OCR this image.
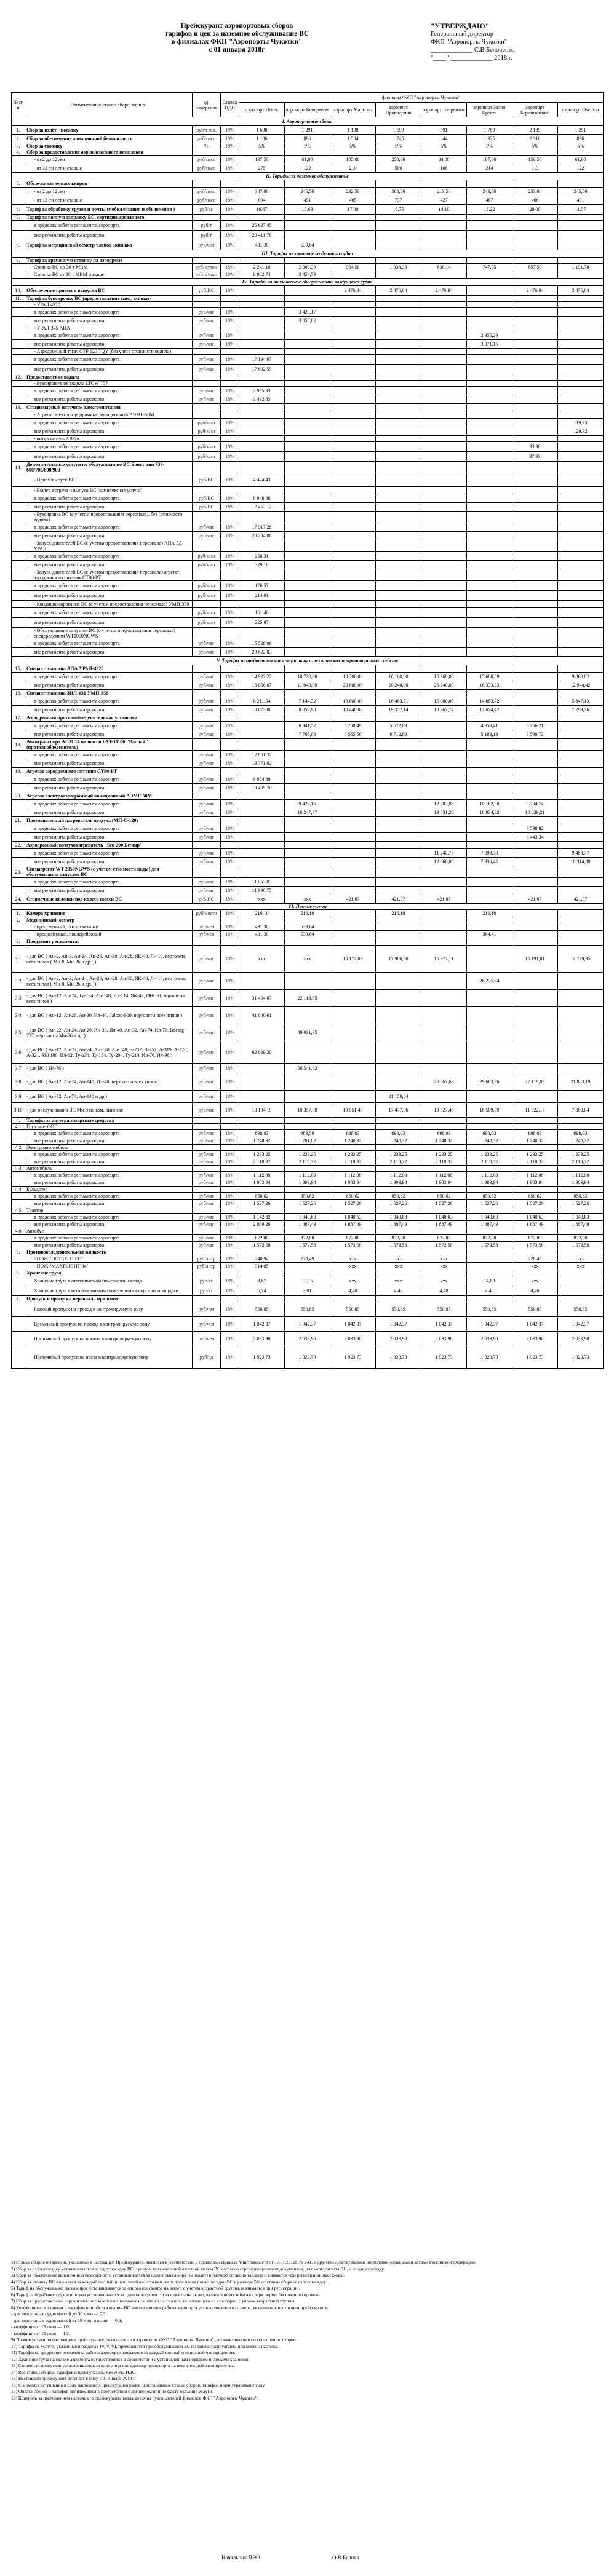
Прейскурант аэропортовых сборов
тарифов и цен за наземное обслуживание ВС
в филиалах ФКП "Аэропорты Чукотки"
с 01 января 2018г
"УТВЕРЖДАЮ"
Генеральный директор
ФКП "Аэропорты Чукотки"
_____________ С.В.Белоченко
"____" _____________ 2018 г.
№ п/п	Наименование ставки сбора, тарифа	ед. измерения	Ставка НДС	филиалы ФКП "Аэропорты Чукотки"							
				аэропорт Певек	аэропорт Кепервеем	аэропорт Марково	аэропорт Провидения	аэропорт Лаврентия	аэропорт Залив Креста	аэропорт Беринговский	аэропорт Омолон
I. Аэропортовые сборы											
1.	Сбор за взлёт - посадку	руб/т м.в.	18%	1 698	1 291	1 198	1 699	991	1 789	2 189	1 291
2.	Сбор за обеспечение авиационной безопасности	руб/пасс	18%	1 186	896	1 584	1 745	844	1 325	2 318	896
3.	Сбор за стоянку	%	18%	5%	5%	5%	5%	5%	5%	5%	5%
4.	Сбор за предоставление аэровокзального комплекса										
	- от 2 до 12 лет	руб/пасс	18%	137,50	61,00	105,00	250,00	84,00	107,00	156,50	61,00
	- от 12-ти лет и старше	руб/пасс	18%	275	122	210	500	168	214	313	122
II. Тарифы за наземное обслуживание											
5.	Обслуживание пассажиров										
	- от 2 до 12 лет	руб/пасс	18%	347,00	245,50	232,50	368,50	213,50	243,50	233,00	245,50
	- от 12-ти лет и старше	руб/пасс	18%	694	491	465	737	427	487	466	491
6.	Тариф за обработку грузов и почты (мобиллизация и обьявления )	руб/кг	18%	16,67	15,63	17,00	15,75	14,10	18,22	29,00	11,57
7.	Тариф за полную заправку ВС, сертифицированного										
	в пределах работы регламента аэропорта	руб/т	18%	25 627,45							
	вне регламента работы аэропорта	руб/т	18%	29 411,76							
8.	Тариф за медицинский осмотр членов экипажа	руб/чел	18%	431,30	539,64						
III. Тарифы за хранение воздушного судна											
9.	Тариф за временную стоянку на аэродроме										
	Стоянка ВС до 30 т МВМ	руб/ сутки	18%	2 241,10	2 309,39	964,58	1 038,36	830,14	747,95	857,53	1 191,78
	Стоянка ВС от 30 т МВМ и выше	руб/ сутки	18%	6 902,74	3 454,79						
IV. Тарифы за техническое обслуживание воздушного судна											
10.	Обеспечение приема и выпуска ВС	руб/ВС	18%			2 476,84	2 476,84	2 476,84		2 476,84	2 476,84
11.	Тариф за буксировку ВС (предоставление спецтехники)										
	- УРАЛ 4320										
	в пределах работы регламента аэропорта	руб/час	18%		3 423,17						
	вне регламента работы аэропорта	руб/час	18%		3 855,82						
	- УРАЛ-375 АПА										
	в пределах работы регламента аэропорта	руб/час	18%						2 955,29		
	вне регламента работы аэропорта	руб/час	18%						3 371,15		
	- Аэродромный тягач СТР 120 TQY (без учета стоимости водила)										
	в пределах работы регламента аэропорта	руб/час	18%	17 194,67							
	вне регламента работы аэропорта	руб/час	18%	17 692,59							
12.	Предоставление водила										
	- Буксировочное водило LTOW 757										
	в пределах работы регламента аэропорта	руб/час	18%	2 995,33							
	вне регламента работы аэропорта	руб/час	18%	3 492,85							
13.	Стационарный источник электропитания										
	- Агрегат электроаэродромный авиационный АЭМГ-50М										
	в пределах работы регламента аэропорта	руб/мин	18%								119,25
	вне регламента работы аэропорта	руб/мин	18%								129,32
	- выпрямитель АВ-2и										
	в пределах работы регламента аэропорта	руб/мин	18%							33,98	
	вне регламента работы аэропорта	руб/мин	18%							37,93	
14.	Дополнительные услуги по обслуживанию ВС Боинг тип 737-600/700/800/900										
	- Прием\выпуск ВС	руб/ВС	18%	4 474,43							
	- Вылет, встреча и выпуск ВС (комплексная услуга)										
	в пределах работы регламента аэропорта	руб/ВС	18%	8 948,86							
	вне регламента работы аэропорта	руб/ВС	18%	17 452,12							
	- Буксировка ВС (с учетом предоставления персонала), без (стоимости водила)										
	в пределах работы регламента аэропорта	руб/час	18%	17 917,28							
	вне регламента работы аэропорта	руб/час	18%	20 284,08							
	- Запуск двигателей ВС (с учетом предоставления персонала) АПА 5Д УРАЛ										
	в пределах работы регламента аэропорта	руб/мин	18%	258,31							
	вне регламента работы аэропорта	руб/мин	18%	329,10							
	- Запуск двигателей ВС (с учетом предоставления персонала) агрегат аэродромного питания СТ90-РТ										
	в пределах работы регламента аэропорта	руб/мин	18%	176,57							
	вне регламента работы аэропорта	руб/мин	18%	214,01							
	- Кондиционирование ВС (с учетом предоставления персонала) УМП-350										
	в пределах работы регламента аэропорта	руб/мин	18%	161,46							
	вне регламента работы аэропорта	руб/мин	18%	225,87							
	- Обслуживание санузлов ВС (с учетом предоставления персонала) спецсредством WT1050NGWS										
	в пределах работы регламента аэропорта	руб/час	18%	15 528,06							
	вне регламента работы аэропорта	руб/час	18%	20 622,83							
V. Тарифы за предоставление специальных технических и транспортных средств											
15.	Спецавтомашина АПА УРАЛ-4320										
	в пределах работы регламента аэропорта	руб/час	18%	14 922,22	10 720,00	10 200,00	16 160,00	15 360,00	15 688,89		9 868,82
	вне регламента работы аэропорта	руб/час	18%	16 866,67	11 040,00	20 880,00	20 240,00	20 240,00	16 333,33		12 944,42
16.	Спецавтомашина ЗИЛ-131 УМП-350										
	в пределах работы регламента аэропорта	руб/час	18%	8 211,54	7 144,32	13 800,00	16 483,71	15 900,00	14 883,72		5 847,13
	вне регламента работы аэропорта	руб/час	18%	10 673,08	8 052,98	18 440,00	19 357,14	18 967,74	17 674,42		7 299,36
17.	Аэродромная противообледенительная установка										
	в пределах работы регламента аэропорта	руб/час	18%		6 941,52	5 258,49	5 572,89		4 353,41	6 766,21	
	вне регламента работы аэропорта	руб/час	18%		7 766,83	6 565,56	6 712,83		5 183,13	7 590,73	
18.	Автотранспорт АПМ 14 на шасси ГАЗ-33106 "Валдай" (противообледенитель)										
	в пределах работы регламента аэропорта	руб/час	18%	12 851,32							
	вне регламента работы аэропорта	руб/час	18%	13 771,02							
19.	Агрегат аэродромного питания СТ90-РТ										
	в пределах работы регламента аэропорта	руб/час	18%	9 084,80							
	вне регламента работы аэропорта	руб/час	18%	10 405,70							
20.	Агрегат электроаэродромный авиационный АЭМГ-50М										
	в пределах работы регламента аэропорта	руб/час	18%		9 422,16			12 203,88	10 162,50	9 794,74	
	вне регламента работы аэропорта	руб/час	18%		10 247,47			13 031,20	10 934,22	10 639,21	
21.	Промышленный нагреватель воздуха (МП-С-120)										
	в пределах работы регламента аэропорта	руб/час	18%							7 598,82	
	вне регламента работы аэропорта	руб/час	18%							8 443,34	
22.	Аэродромный воздухонагреватель "Sen 200 Ье/ннр"										
	в пределах работы регламента аэропорта	руб/час	18%					11 240,77	7 098,70		9 488,77
	вне регламента работы аэропорта	руб/час	18%					12 066,08	7 936,42		10 314,08
23.	Спецагрегат WT 2050NGWS (с учетом стоимости воды) для обслуживания санузлов ВС										
	в пределах работы регламента аэропорта	руб/час	18%	11 053,03							
	вне регламента работы аэропорта	руб/час	18%	11 996,75							
24.	Стояночные колодки под колеса шасси ВС	руб/ВС	18%	xxx	xxx	421,07	421,07	421,07		421,07	421,07
VI. Прочие услуги											
1.	Камера хранения	руб/место	18%	216,10	216,10		216,10		216,10		
2.	Медицинский осмотр										
	- предсменный, послесменный	руб/чел	18%	431,30	539,64						
	- предрейсовый, послерейсовый	руб/чел	18%	431,30	539,64				364,41		
3.	Продление регламента:										
3.1	- для ВС ( Ан-2, Ан-3, Ан-24, Ан-26, Ан-30, Ан-28, ЯК-40, Л-410, вертолеты всех типов ( Ми-8, Ми-26 и др. ))	руб/час	18%	xxx	xxx	10 172,09	17 906,60	15 977,11		16 191,01	12 779,95
3.2	- для ВС ( Ан-2, Ан-3, Ан-24, Ан-26, Ан-28, Ан-30, ЯК-40, Л-410, вертолеты всех типов ( Ми-8, Ми-26 и др. ))	руб/час	18%						26 225,24		
3.3	- для ВС ( Ан-12, Ан-74, Ту-134, Ан-148, Ил-114, ЯК-42, DHC-8, вертолеты всех типов )	руб/час	18%	31 464,07	22 118,65						
3.4	- для ВС ( Ан-12, Ан-26, Ан-30, Ил-40, Falcon-900, вертолеты всех типов )	руб/час	18%	41 040,61							
3.5	- для ВС ( Ан-22, Ан-24, Ан-26, Ан-30, Ил-40, Ан-32, Ан-74, Ил-76, Boeing-737, вертолеты Ми-26 и др.)	руб/час	18%		49 931,95						
3.6	- для ВС ( Ан-12, Ан-72, Ан-74, Ан-140, Ан-148, В-737, В-757, А-319, А-320, A-321, SSJ 100, Ил-62, Ту-134, Ту-154, Ту-204, Ту-214, Ил-76, Ил-96 )	руб/час	18%	62 839,20							
3.7	- для ВС ( Ил-76 )	руб/час	18%		56 541,82						
3.8	- для ВС ( Ан-12, Ан-74, Ан-148, Ил-40, вертолеты всех типов )	руб/час	18%					26 067,63	29 663,96	27 119,89	21 883,19
3.9	- для ВС ( Ан-72, Ан-74, Ан-140 и др.)	руб/час	18%				21 158,84				
3.10	- для обслуживания ВС Ми-8 по ком. выписке	руб/час	18%	13 194,19	10 357,08	10 551,46	17 477,06	10 527,45	16 509,09	11 822,17	7 860,04
4.	Тарифы за автотранспортные средства										
4.1	Грузовые СОП										
	в пределах работы регламента аэропорта	руб/час	18%	698,03	983,56	698,03	698,03	698,03	698,03	698,03	698,03
	вне регламента работы аэропорта	руб/час	18%	1 248,32	1 781,82	1 248,32	1 248,32	1 248,32	1 248,32	1 248,32	1 248,32
4.2	Электроавтомобиль										
	в пределах работы регламента аэропорта	руб/час	18%	1 233,25	1 233,25	1 233,25	1 233,25	1 233,25	1 233,25	1 233,25	1 233,25
	вне регламента работы аэропорта	руб/час	18%	2 118,32	2 118,32	2 118,32	2 118,32	2 118,32	2 118,32	2 118,32	2 118,32
4.3	Автомобиль										
	в пределах работы регламента аэропорта	руб/час	18%	1 112,08	1 112,08	1 112,08	1 112,08	1 112,08	1 112,08	1 112,08	1 112,08
	вне регламента работы аэропорта	руб/час	18%	1 903,94	1 903,94	1 903,94	1 903,94	1 903,94	1 903,94	1 903,94	1 903,94
4.4	Бульдозер										
	в пределах работы регламента аэропорта	руб/час	18%	850,62	850,62	850,62	850,62	850,62	850,62	850,62	850,62
	вне регламента работы аэропорта	руб/час	18%	1 527,26	1 527,26	1 527,26	1 527,26	1 527,26	1 527,26	1 527,26	1 527,26
4.5	Трактор										
	в пределах работы регламента аэропорта	руб/час	18%	1 142,82	1 040,63	1 040,63	1 040,63	1 040,63	1 040,63	1 040,63	1 040,63
	вне регламента работы аэропорта	руб/час	18%	2 089,26	1 887,49	1 887,49	1 887,49	1 887,49	1 887,49	1 887,49	1 887,49
4.6	Автобус										
	в пределах работы регламента аэропорта	руб/час	18%	872,00	872,00	872,00	872,00	872,00	872,00	872,00	872,00
	вне регламента работы аэропорта	руб/час	18%	1 573,58	1 573,58	1 573,58	1 573,58	1 573,58	1 573,58	1 573,58	1 573,58
5.	Противообледенительная жидкость										
	- ПОЖ "OCTAFLO EG"	руб/литр	18%	240,94	228,49	xxx	xxx	xxx		228,49	xxx
	- ПОЖ "MAXFLIGHT 04"	руб/литр	18%	314,85		xxx	xxx	xxx		xxx	xxx
6.	Хранение груза										
	Хранение груза в отапливаемом помещении склада	руб/кг	18%	8,87	10,15	xxx	xxx	xxx	14,63	xxx	
	Хранение груза в неотапливаемом помещении склада и на площадке	руб/кг	18%	6,74	3,01	4,40	4,40	4,40	4,40	4,40	
7.	Пропуск и пропуска персонала при входе										
	Разовый пропуск на проход в контролируемую зону	руб/чел	18%	550,85	550,85	550,85	550,85	550,85	550,85	550,85	550,85
	Временный пропуск на проход в контролируемую зону	руб/чел	18%	1 042,37	1 042,37	1 042,37	1 042,37	1 042,37	1 042,37	1 042,37	1 042,37
	Постоянный пропуск на проход в контролируемую зону	руб/чел	18%	2 033,90	2 033,90	2 033,90	2 033,90	2 033,90	2 033,90	2 033,90	2 033,90
	Постоянный пропуск на въезд в контролируемую зону	руб/ед	18%	1 923,73	1 923,73	1 923,73	1 923,73	1 923,73	1 923,73	1 923,73	1 923,73

1) Ставки сборов и тарифов, указанные в настоящем Прейскуранте, являются в соответствии с правилами Приказа Минтранса РФ от 17.07.2012г. № 241, и другими действующими нормативно-правовыми актами Российской Федерации.

2) Сбор за взлет-посадку устанавливается за одну посадку ВС с учетом максимальной взлетной массы ВС согласно сертификационным документам, для эксплуатанта ВС, и за одну посадку.

3) Сбор за обеспечение авиационной безопасности устанавливается за одного пассажира (на вылет) в размере согласно таблице и взимается при регистрации пассажира.

4) Сбор за стоянку ВС взимается за каждый полный и неполный час стоянки сверх трех часов после посадки ВС в размере 5% от ставки сбора за взлет-посадку.

5) Тариф на обслуживание пассажиров устанавливается за одного пассажира на вылет, с учетом возрастной группы, и взимается при регистрации.

6) Тариф за обработку грузов и почты устанавливается за один килограмм груза и почты на вылет, включая почту и багаж сверх нормы бесплатного провоза.

7) Сбор за предоставление аэровокзального комплекса взимается за одного пассажира, вылетающего из аэропорта, с учетом возрастной группы.

8) Коэффициент к ставкам и тарифам при обслуживании ВС вне регламента работы аэропорта устанавливается в размере, указанном в настоящем прейскуранте:

- для воздушных судов массой до 30 тонн — 0,5;

- для воздушных судов массой от 30 тонн и выше — 0,9;

- коэффициент 13 тонн — 1.0

- коэффициент 15 тонн — 1.2.

9) Прочие услуги по настоящему прейскуранту, оказываемые в аэропортах ФКП "Аэропорты Чукотки", устанавливаются по соглашению сторон.

10) Тарифы на услуги, указанные в разделах IV, V, VI, применяются при обслуживании ВС по заявке эксплуатанта или иного заказчика.

11) Тарифы на продление регламента работы аэропорта взимаются за каждый полный и неполный час продления.

12) Хранение груза на складе аэропорта осуществляется в соответствии с установленным порядком и сроками хранения.

13) Стоимость пропусков устанавливается за одно лицо или единицу транспорта на весь срок действия пропуска.

14) Все ставки сборов, тарифов и цены указаны без учета НДС.

15) Настоящий прейскурант вступает в силу с 01 января 2018 г.

16) С момента вступления в силу настоящего прейскуранта ранее действовавшие ставки сборов, тарифов и цен утрачивают силу.

17) Оплата сборов и тарифов производится в соответствии с договором или по факту оказания услуги.

18) Контроль за применением настоящего прейскуранта возлагается на руководителей филиалов ФКП "Аэропорты Чукотки".

Начальник ПЭО	О.В.Белова
